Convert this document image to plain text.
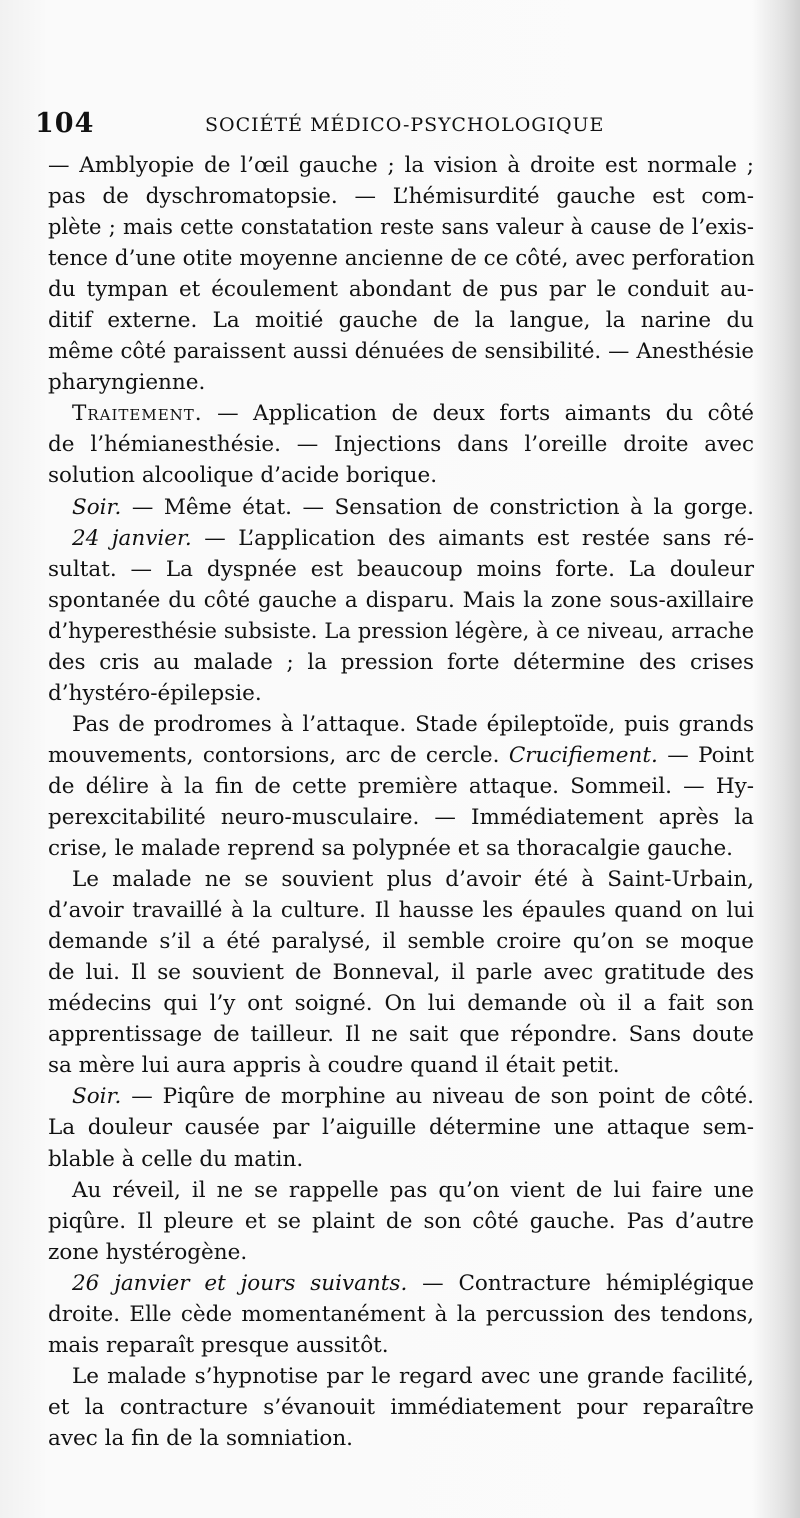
104	SOCIÉTÉ MÉDICO-PSYCHOLOGIQUE
— Amblyopie de l’œil gauche ; la vision à droite est normale ;
pas de dyschromatopsie. — L’hémisurdité gauche est com-
plète ; mais cette constatation reste sans valeur à cause de l’exis-
tence d’une otite moyenne ancienne de ce côté, avec perforation
du tympan et écoulement abondant de pus par le conduit au-
ditif externe. La moitié gauche de la langue, la narine du
même côté paraissent aussi dénuées de sensibilité. — Anesthésie
pharyngienne.
Traitement. — Application de deux forts aimants du côté
de l’hémianesthésie. — Injections dans l’oreille droite avec
solution alcoolique d’acide borique.
Soir. — Même état. — Sensation de constriction à la gorge.
24 janvier. — L’application des aimants est restée sans ré-
sultat. — La dyspnée est beaucoup moins forte. La douleur
spontanée du côté gauche a disparu. Mais la zone sous-axillaire
d’hyperesthésie subsiste. La pression légère, à ce niveau, arrache
des cris au malade ; la pression forte détermine des crises
d’hystéro-épilepsie.
Pas de prodromes à l’attaque. Stade épileptoïde, puis grands
mouvements, contorsions, arc de cercle. Crucifiement. — Point
de délire à la fin de cette première attaque. Sommeil. — Hy-
perexcitabilité neuro-musculaire. — Immédiatement après la
crise, le malade reprend sa polypnée et sa thoracalgie gauche.
Le malade ne se souvient plus d’avoir été à Saint-Urbain,
d’avoir travaillé à la culture. Il hausse les épaules quand on lui
demande s’il a été paralysé, il semble croire qu’on se moque
de lui. Il se souvient de Bonneval, il parle avec gratitude des
médecins qui l’y ont soigné. On lui demande où il a fait son
apprentissage de tailleur. Il ne sait que répondre. Sans doute
sa mère lui aura appris à coudre quand il était petit.
Soir. — Piqûre de morphine au niveau de son point de côté.
La douleur causée par l’aiguille détermine une attaque sem-
blable à celle du matin.
Au réveil, il ne se rappelle pas qu’on vient de lui faire une
piqûre. Il pleure et se plaint de son côté gauche. Pas d’autre
zone hystérogène.
26 janvier et jours suivants. — Contracture hémiplégique
droite. Elle cède momentanément à la percussion des tendons,
mais reparaît presque aussitôt.
Le malade s’hypnotise par le regard avec une grande facilité,
et la contracture s’évanouit immédiatement pour reparaître
avec la fin de la somniation.
